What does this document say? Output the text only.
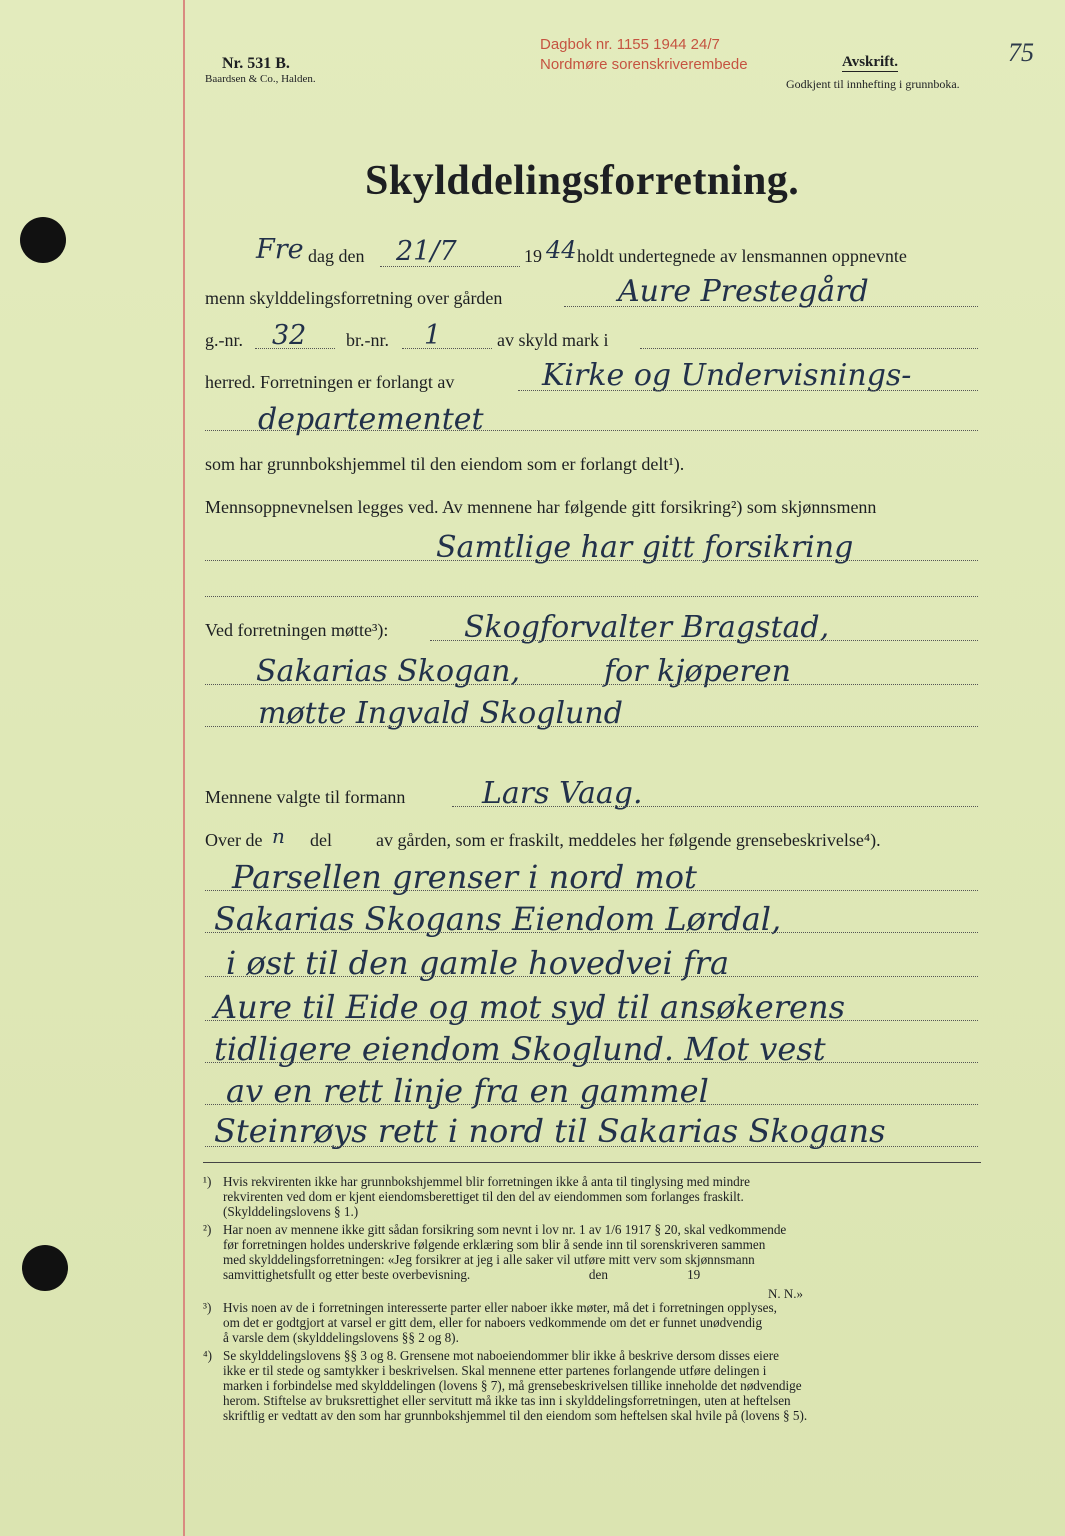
Nr. 531 B.
Baardsen & Co., Halden.
Dagbok nr. 1155 1944 24/7
Nordmøre sorenskriverembede	Avskrift.
Godkjent til innhefting i grunnboka.
75
Skylddelingsforretning.
Fre dag den 21/7	19 44 holdt undertegnede av lensmannen oppnevnte
menn skylddelingsforretning over gården	Aure Prestegård
g.-nr. 32 br.-nr. 1	av skyld mark i
herred. Forretningen er forlangt av	Kirke og Undervisnings-
departementet
som har grunnbokshjemmel til den eiendom som er forlangt delt¹).
Mennsoppnevnelsen legges ved. Av mennene har følgende gitt forsikring²) som skjønnsmenn
Samtlige har gitt forsikring
Ved forretningen møtte³):	Skogforvalter Bragstad,
Sakarias Skogan,	for kjøperen
møtte Ingvald Skoglund
Mennene valgte til formann	Lars Vaag.
Over de n del av gården, som er fraskilt, meddeles her følgende grensebeskrivelse⁴).
Parsellen grenser i nord mot
Sakarias Skogans Eiendom Lørdal,
i øst til den gamle hovedvei fra
Aure til Eide og mot syd til ansøkerens
tidligere eiendom Skoglund. Mot vest
av en rett linje fra en gammel
Steinrøys rett i nord til Sakarias Skogans
¹) Hvis rekvirenten ikke har grunnbokshjemmel blir forretningen ikke å anta til tinglysing med mindre
rekvirenten ved dom er kjent eiendomsberettiget til den del av eiendommen som forlanges fraskilt.
(Skylddelingslovens § 1.)
²) Har noen av mennene ikke gitt sådan forsikring som nevnt i lov nr. 1 av 1/6 1917 § 20, skal vedkommende
før forretningen holdes underskrive følgende erklæring som blir å sende inn til sorenskriveren sammen
med skylddelingsforretningen: «Jeg forsikrer at jeg i alle saker vil utføre mitt verv som skjønnsmann
samvittighetsfullt og etter beste overbevisning.                                    den                        19
N. N.»
³) Hvis noen av de i forretningen interesserte parter eller naboer ikke møter, må det i forretningen opplyses,
om det er godtgjort at varsel er gitt dem, eller for naboers vedkommende om det er funnet unødvendig
å varsle dem (skylddelingslovens §§ 2 og 8).
⁴) Se skylddelingslovens §§ 3 og 8. Grensene mot naboeiendommer blir ikke å beskrive dersom disses eiere
ikke er til stede og samtykker i beskrivelsen. Skal mennene etter partenes forlangende utføre delingen i
marken i forbindelse med skylddelingen (lovens § 7), må grensebeskrivelsen tillike inneholde det nødvendige
herom. Stiftelse av bruksrettighet eller servitutt må ikke tas inn i skylddelingsforretningen, uten at heftelsen
skriftlig er vedtatt av den som har grunnbokshjemmel til den eiendom som heftelsen skal hvile på (lovens § 5).
